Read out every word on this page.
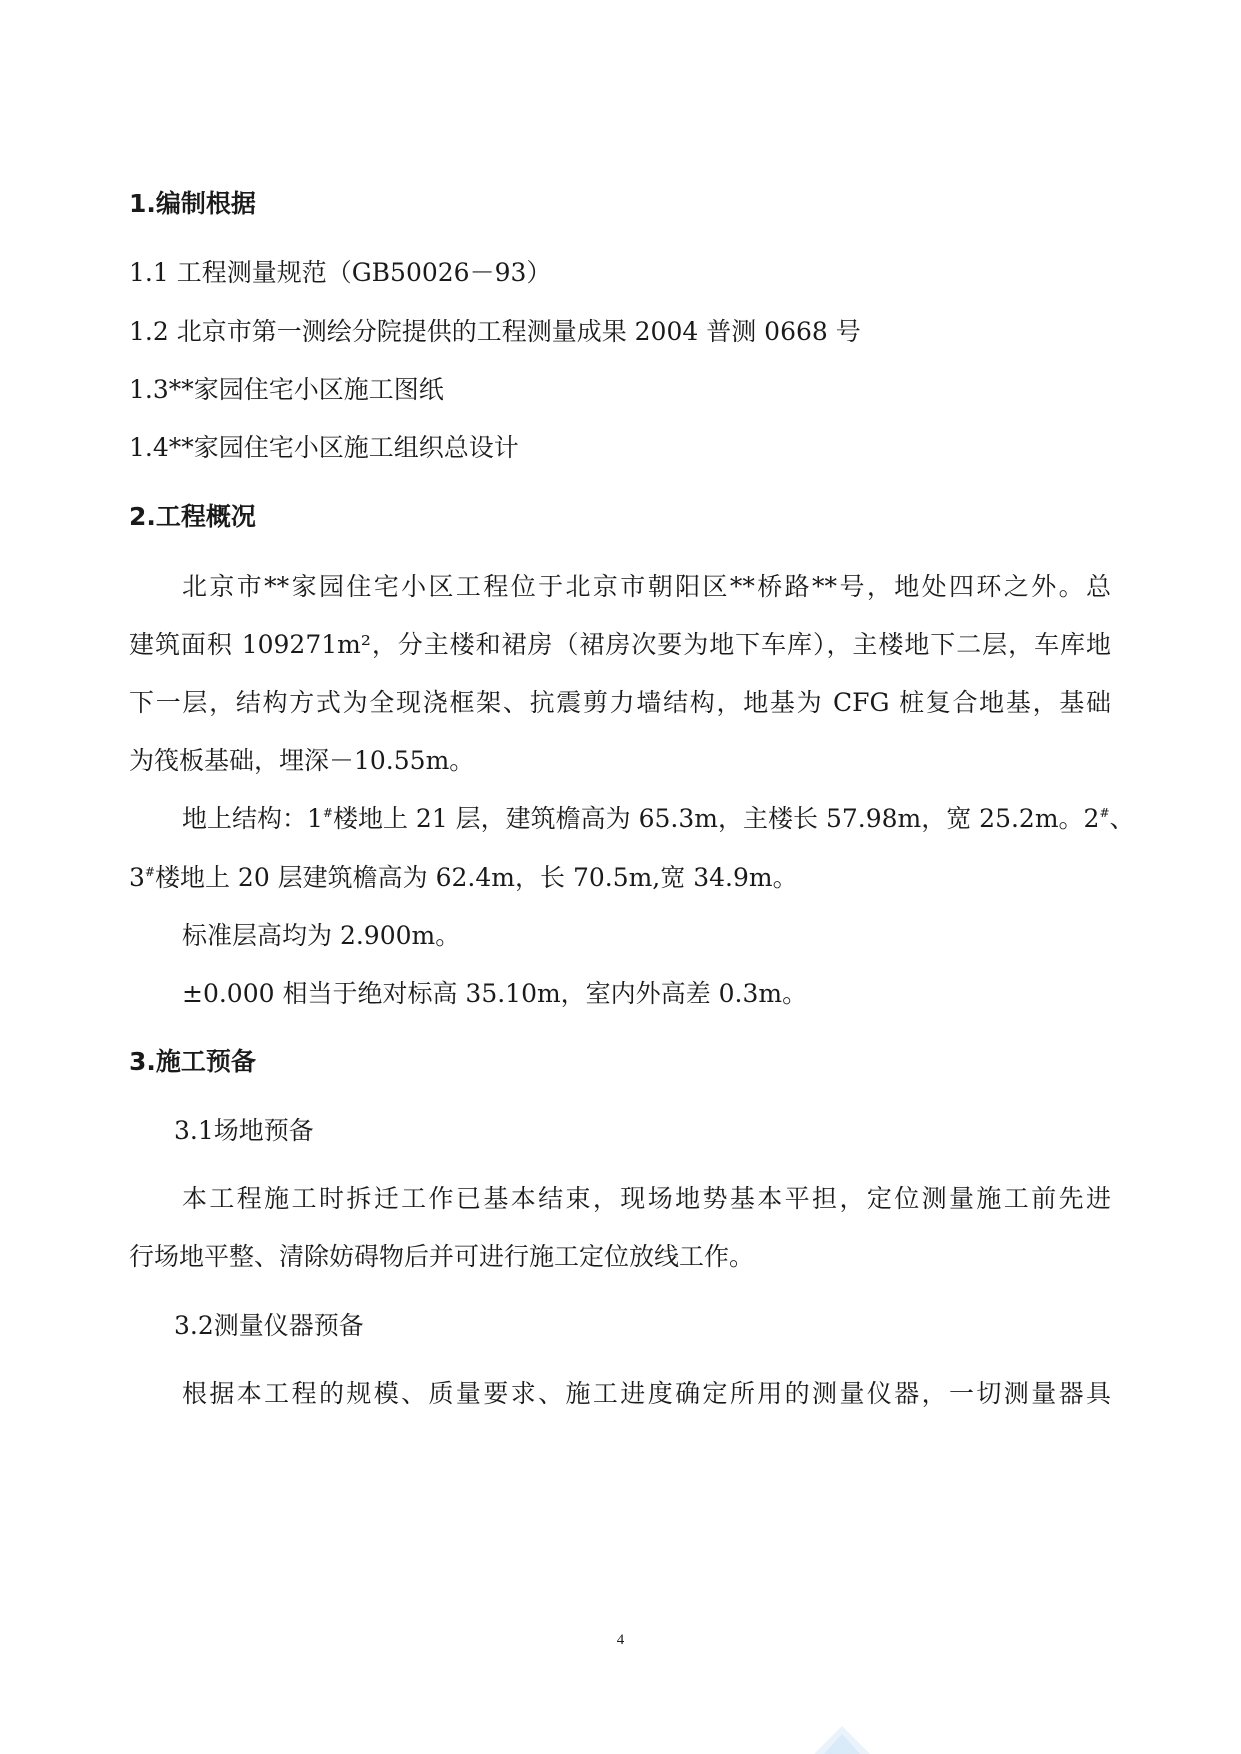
1.编制根据

1.1 工程测量规范（GB50026－93）

1.2 北京市第一测绘分院提供的工程测量成果 2004 普测 0668 号

1.3**家园住宅小区施工图纸

1.4**家园住宅小区施工组织总设计

2.工程概况

北京市**家园住宅小区工程位于北京市朝阳区**桥路**号，地处四环之外。总

建筑面积 109271m²，分主楼和裙房（裙房次要为地下车库），主楼地下二层，车库地

下一层，结构方式为全现浇框架、抗震剪力墙结构，地基为 CFG 桩复合地基，基础

为筏板基础，埋深－10.55m。

地上结构：1#楼地上 21 层，建筑檐高为 65.3m，主楼长 57.98m，宽 25.2m。2#、

3#楼地上 20 层建筑檐高为 62.4m，长 70.5m,宽 34.9m。

标准层高均为 2.900m。

±0.000 相当于绝对标高 35.10m，室内外高差 0.3m。

3.施工预备

3.1场地预备

本工程施工时拆迁工作已基本结束，现场地势基本平担，定位测量施工前先进

行场地平整、清除妨碍物后并可进行施工定位放线工作。

3.2测量仪器预备

根据本工程的规模、质量要求、施工进度确定所用的测量仪器，一切测量器具

4
